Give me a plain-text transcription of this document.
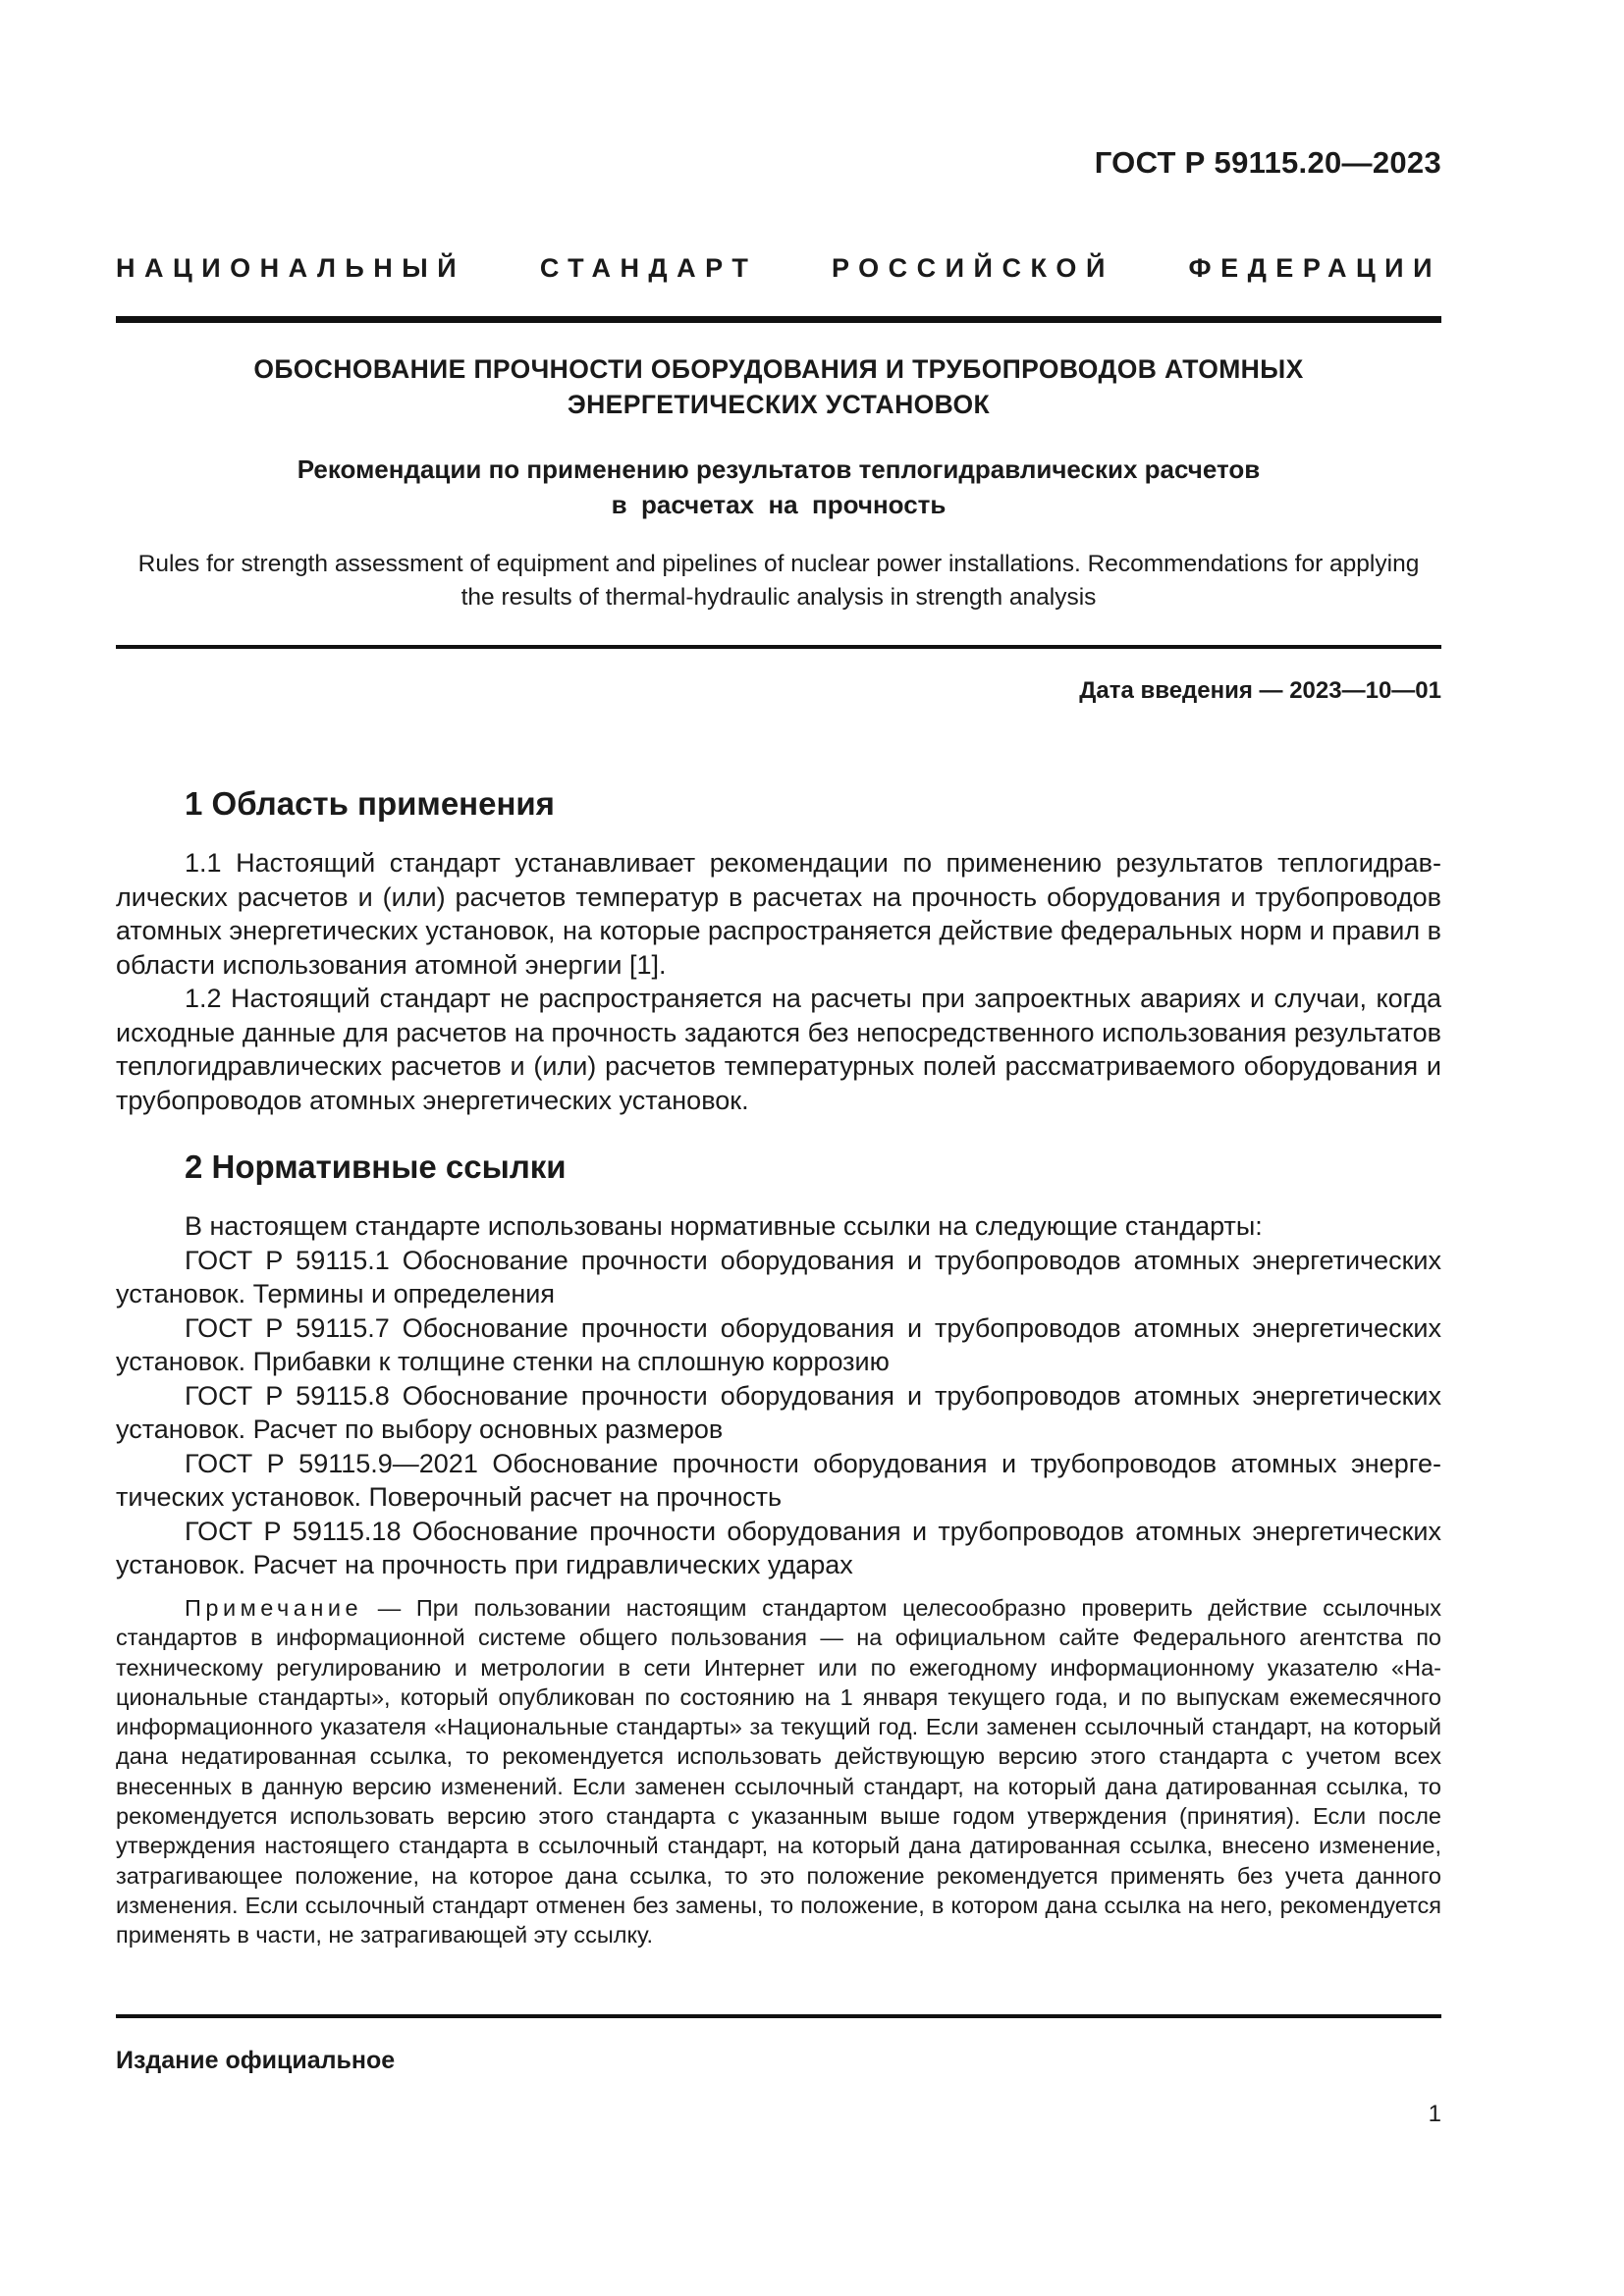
ГОСТ Р 59115.20—2023
НАЦИОНАЛЬНЫЙ СТАНДАРТ РОССИЙСКОЙ ФЕДЕРАЦИИ
ОБОСНОВАНИЕ ПРОЧНОСТИ ОБОРУДОВАНИЯ И ТРУБОПРОВОДОВ АТОМНЫХ
ЭНЕРГЕТИЧЕСКИХ УСТАНОВОК
Рекомендации по применению результатов теплогидравлических расчетов
в  расчетах  на  прочность
Rules for strength assessment of equipment and pipelines of nuclear power installations. Recommendations for applying
the results of thermal-hydraulic analysis in strength analysis
Дата введения — 2023—10—01
1 Область применения

1.1 Настоящий стандарт устанавливает рекомендации по применению результатов теплогидравлических расчетов и (или) расчетов температур в расчетах на прочность оборудования и трубопроводов атомных энергетических установок, на которые распространяется действие федеральных норм и правил в области использования атомной энергии [1].

1.2 Настоящий стандарт не распространяется на расчеты при запроектных авариях и случаи, когда исходные данные для расчетов на прочность задаются без непосредственного использования результатов теплогидравлических расчетов и (или) расчетов температурных полей рассматриваемого оборудования и трубопроводов атомных энергетических установок.

2 Нормативные ссылки

В настоящем стандарте использованы нормативные ссылки на следующие стандарты:

ГОСТ Р 59115.1 Обоснование прочности оборудования и трубопроводов атомных энергетических установок. Термины и определения

ГОСТ Р 59115.7 Обоснование прочности оборудования и трубопроводов атомных энергетических установок. Прибавки к толщине стенки на сплошную коррозию

ГОСТ Р 59115.8 Обоснование прочности оборудования и трубопроводов атомных энергетических установок. Расчет по выбору основных размеров

ГОСТ Р 59115.9—2021 Обоснование прочности оборудования и трубопроводов атомных энергетических установок. Поверочный расчет на прочность

ГОСТ Р 59115.18 Обоснование прочности оборудования и трубопроводов атомных энергетических установок. Расчет на прочность при гидравлических ударах

Примечание — При пользовании настоящим стандартом целесообразно проверить действие ссылочных стандартов в информационной системе общего пользования — на официальном сайте Федерального агентства по техническому регулированию и метрологии в сети Интернет или по ежегодному информационному указателю «Национальные стандарты», который опубликован по состоянию на 1 января текущего года, и по выпускам ежемесячного информационного указателя «Национальные стандарты» за текущий год. Если заменен ссылочный стандарт, на который дана недатированная ссылка, то рекомендуется использовать действующую версию этого стандарта с учетом всех внесенных в данную версию изменений. Если заменен ссылочный стандарт, на который дана датированная ссылка, то рекомендуется использовать версию этого стандарта с указанным выше годом утверждения (принятия). Если после утверждения настоящего стандарта в ссылочный стандарт, на который дана датированная ссылка, внесено изменение, затрагивающее положение, на которое дана ссылка, то это положение рекомендуется применять без учета данного изменения. Если ссылочный стандарт отменен без замены, то положение, в котором дана ссылка на него, рекомендуется применять в части, не затрагивающей эту ссылку.

Издание официальное
1
